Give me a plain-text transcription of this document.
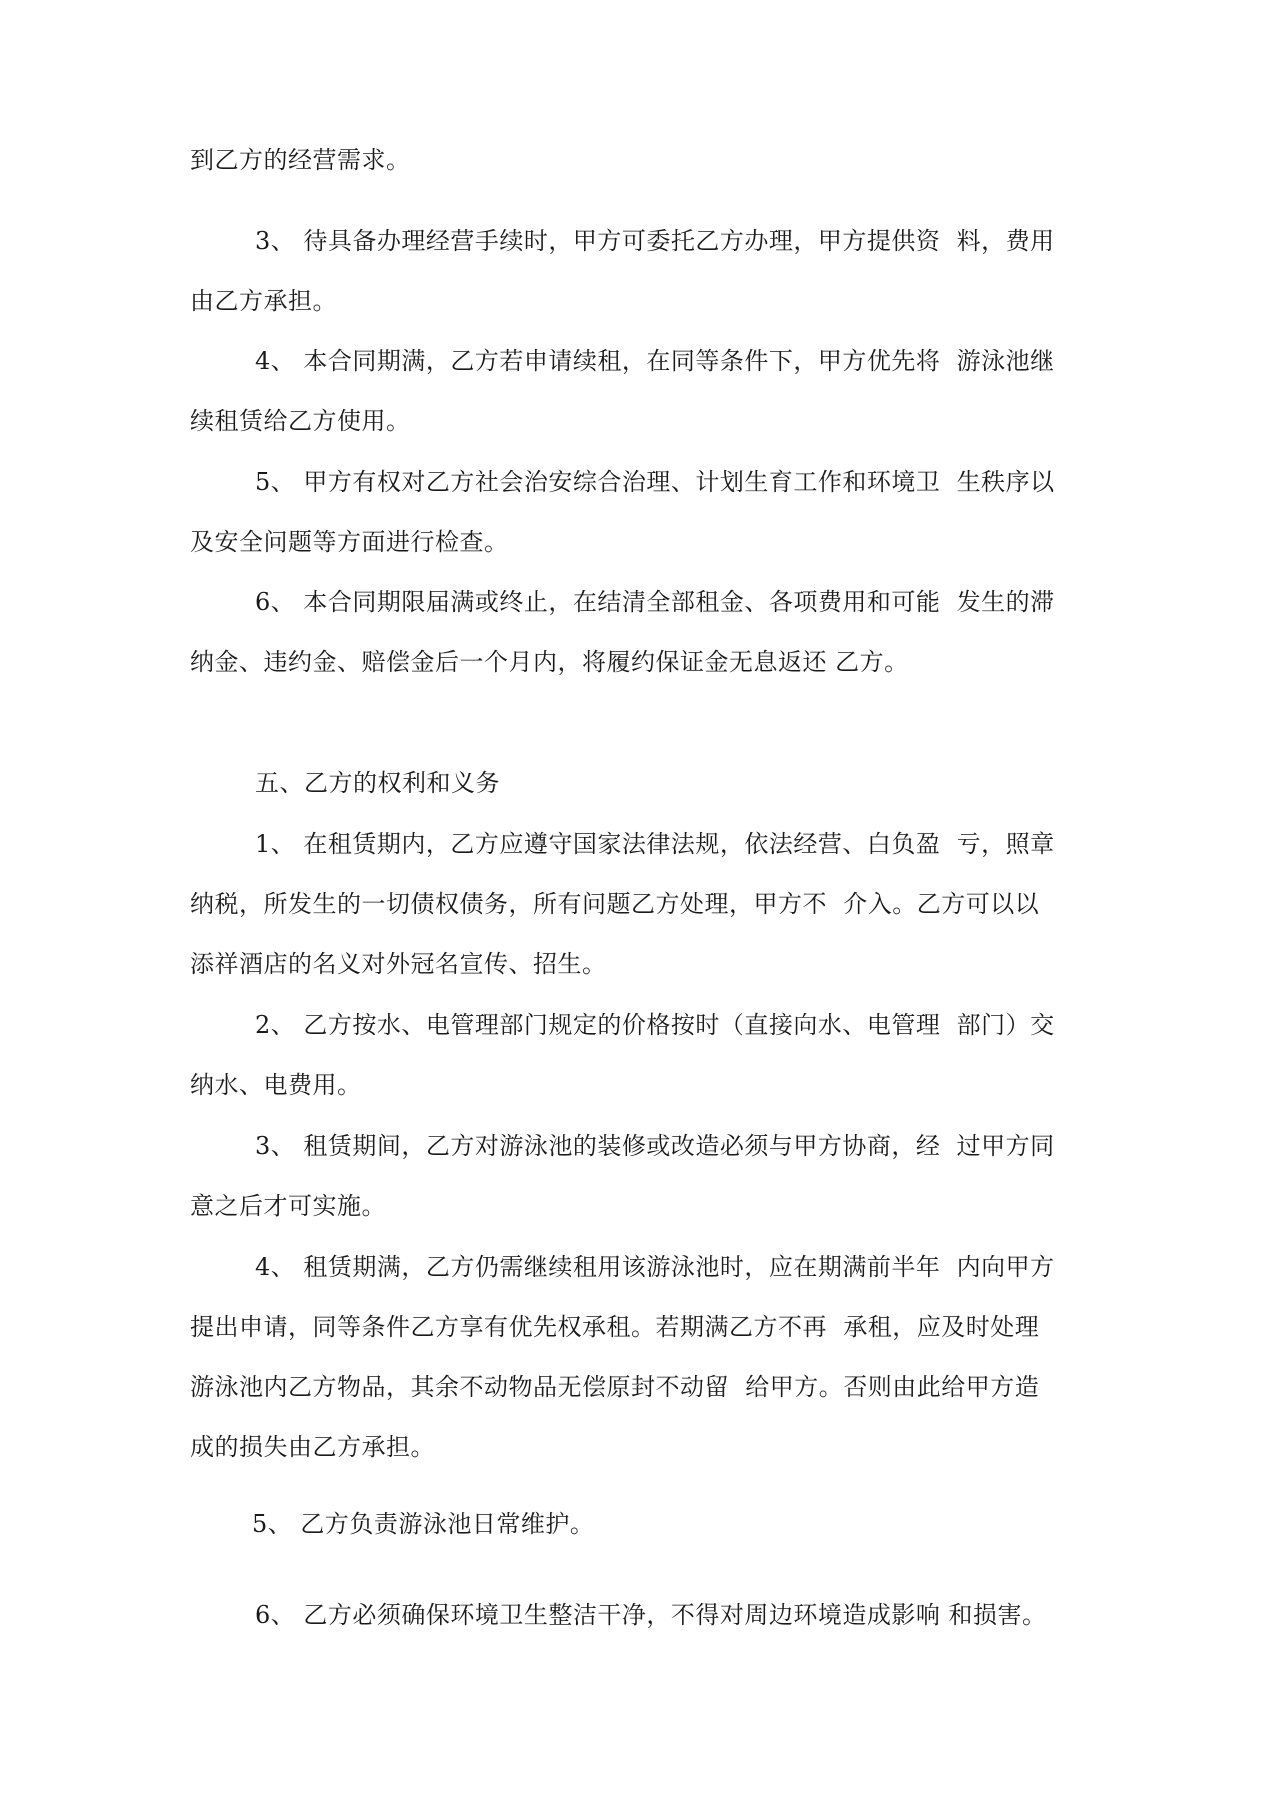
到乙方的经营需求。
3、 待具备办理经营手续时，甲方可委托乙方办理，甲方提供资  料，费用
由乙方承担。
4、 本合同期满，乙方若申请续租，在同等条件下，甲方优先将  游泳池继
续租赁给乙方使用。
5、 甲方有权对乙方社会治安综合治理、计划生育工作和环境卫  生秩序以
及安全问题等方面进行检查。
6、 本合同期限届满或终止，在结清全部租金、各项费用和可能  发生的滞
纳金、违约金、赔偿金后一个月内，将履约保证金无息返还 乙方。
五、乙方的权利和义务
1、 在租赁期内，乙方应遵守国家法律法规，依法经营、白负盈  亏，照章
纳税，所发生的一切债权债务，所有问题乙方处理，甲方不  介入。乙方可以以
添祥酒店的名义对外冠名宣传、招生。
2、 乙方按水、电管理部门规定的价格按时（直接向水、电管理  部门）交
纳水、电费用。
3、 租赁期间，乙方对游泳池的装修或改造必须与甲方协商，经  过甲方同
意之后才可实施。
4、 租赁期满，乙方仍需继续租用该游泳池时，应在期满前半年  内向甲方
提出申请，同等条件乙方享有优先权承租。若期满乙方不再  承租，应及时处理
游泳池内乙方物品，其余不动物品无偿原封不动留  给甲方。否则由此给甲方造
成的损失由乙方承担。
5、 乙方负责游泳池日常维护。
6、 乙方必须确保环境卫生整洁干净，不得对周边环境造成影响 和损害。
